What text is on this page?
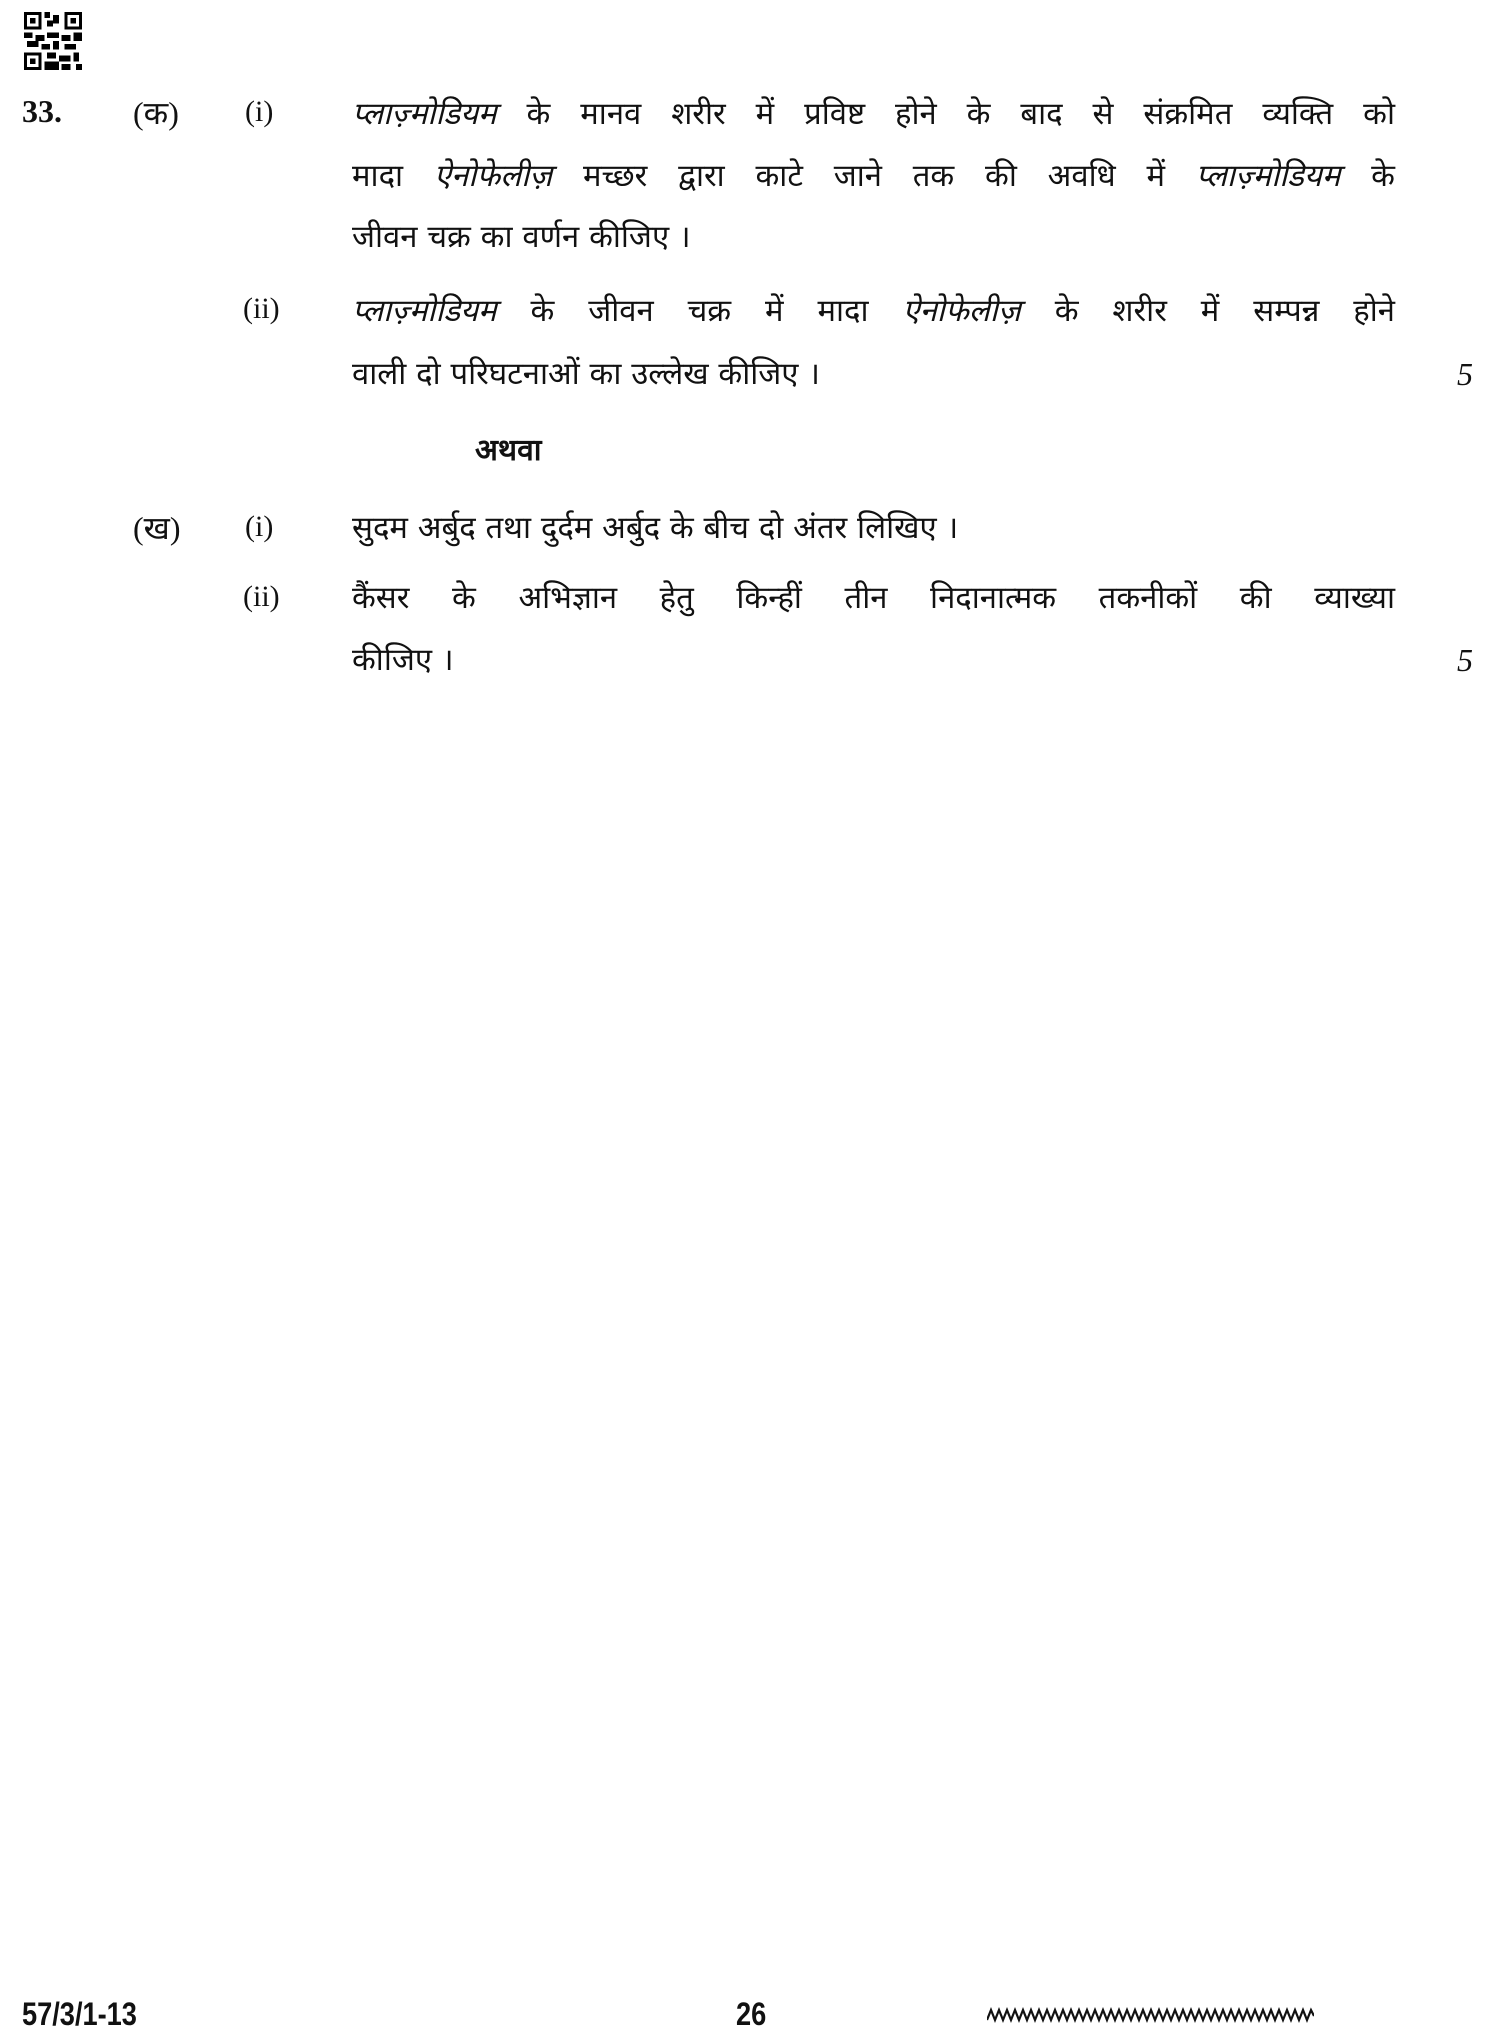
33. (क) (i)	प्लाज़्मोडियम के मानव शरीर में प्रविष्ट होने के बाद से संक्रमित व्यक्ति को
मादा ऐनोफेलीज़ मच्छर द्वारा काटे जाने तक की अवधि में प्लाज़्मोडियम के
जीवन चक्र का वर्णन कीजिए ।
(ii) प्लाज़्मोडियम के जीवन चक्र में मादा ऐनोफेलीज़ के शरीर में सम्पन्न होने
वाली दो परिघटनाओं का उल्लेख कीजिए ।	5
अथवा
(ख) (i)	सुदम अर्बुद तथा दुर्दम अर्बुद के बीच दो अंतर लिखिए ।
(ii) कैंसर के अभिज्ञान हेतु किन्हीं तीन निदानात्मक तकनीकों की व्याख्या
कीजिए ।	5
57/3/1-13	26
